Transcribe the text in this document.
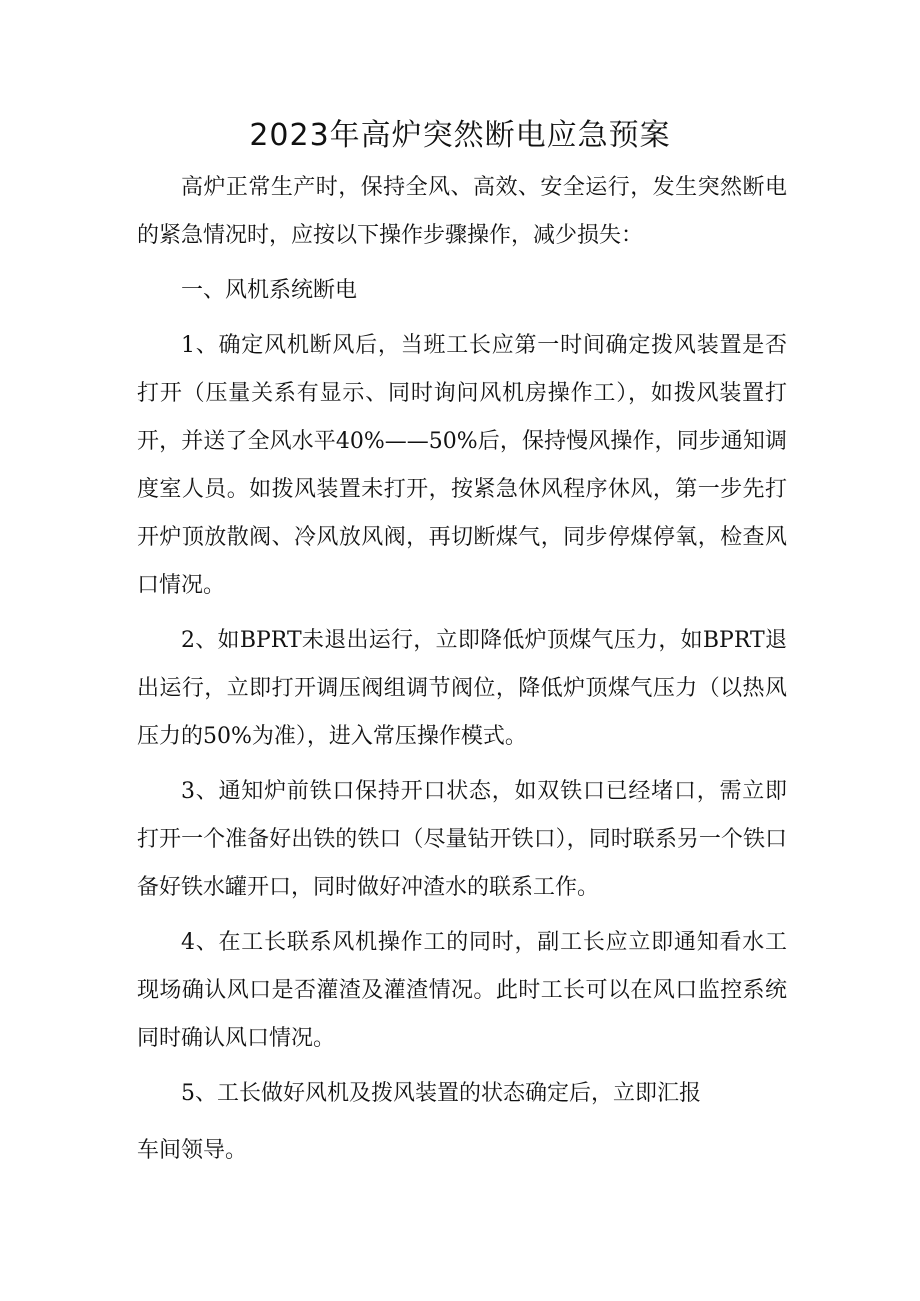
2023年高炉突然断电应急预案

高炉正常生产时，保持全风、高效、安全运行，发生突然断电的紧急情况时，应按以下操作步骤操作，减少损失：

一、风机系统断电

1、确定风机断风后，当班工长应第一时间确定拨风装置是否打开（压量关系有显示、同时询问风机房操作工），如拨风装置打开，并送了全风水平40%——50%后，保持慢风操作，同步通知调度室人员。如拨风装置未打开，按紧急休风程序休风，第一步先打开炉顶放散阀、冷风放风阀，再切断煤气，同步停煤停氧，检查风口情况。

2、如BPRT未退出运行，立即降低炉顶煤气压力，如BPRT退出运行，立即打开调压阀组调节阀位，降低炉顶煤气压力（以热风压力的50%为准），进入常压操作模式。

3、通知炉前铁口保持开口状态，如双铁口已经堵口，需立即打开一个准备好出铁的铁口（尽量钻开铁口），同时联系另一个铁口备好铁水罐开口，同时做好冲渣水的联系工作。

4、在工长联系风机操作工的同时，副工长应立即通知看水工现场确认风口是否灌渣及灌渣情况。此时工长可以在风口监控系统同时确认风口情况。

5、工长做好风机及拨风装置的状态确定后，立即汇报

车间领导。
